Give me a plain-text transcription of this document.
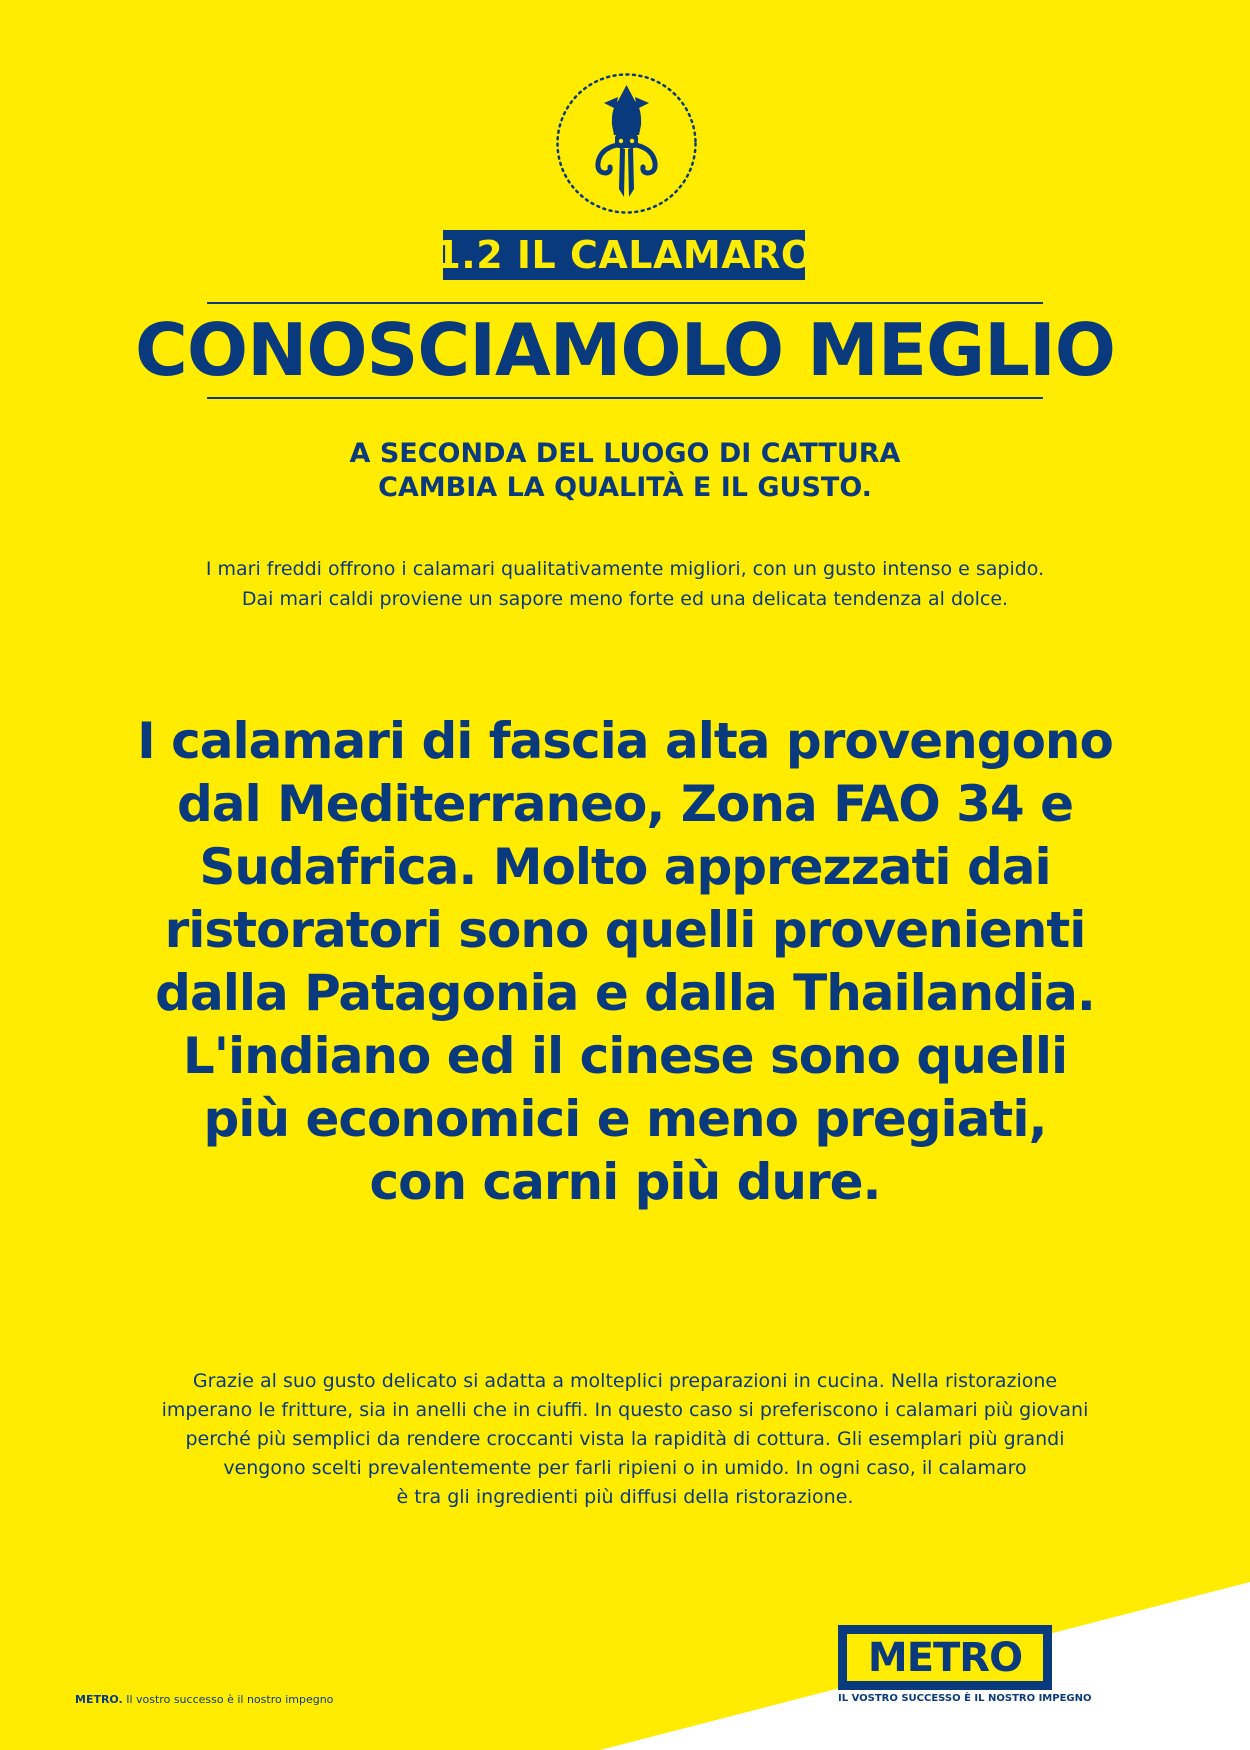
1.2 IL CALAMARO
CONOSCIAMOLO MEGLIO
A SECONDA DEL LUOGO DI CATTURA
CAMBIA LA QUALITÀ E IL GUSTO.
I mari freddi offrono i calamari qualitativamente migliori, con un gusto intenso e sapido.
Dai mari caldi proviene un sapore meno forte ed una delicata tendenza al dolce.
I calamari di fascia alta provengono
dal Mediterraneo, Zona FAO 34 e
Sudafrica. Molto apprezzati dai
ristoratori sono quelli provenienti
dalla Patagonia e dalla Thailandia.
L'indiano ed il cinese sono quelli
più economici e meno pregiati,
con carni più dure.
Grazie al suo gusto delicato si adatta a molteplici preparazioni in cucina. Nella ristorazione
imperano le fritture, sia in anelli che in ciuffi. In questo caso si preferiscono i calamari più giovani
perché più semplici da rendere croccanti vista la rapidità di cottura. Gli esemplari più grandi
vengono scelti prevalentemente per farli ripieni o in umido. In ogni caso, il calamaro
è tra gli ingredienti più diffusi della ristorazione.
METRO
IL VOSTRO SUCCESSO È IL NOSTRO IMPEGNO
METRO. Il vostro successo è il nostro impegno
